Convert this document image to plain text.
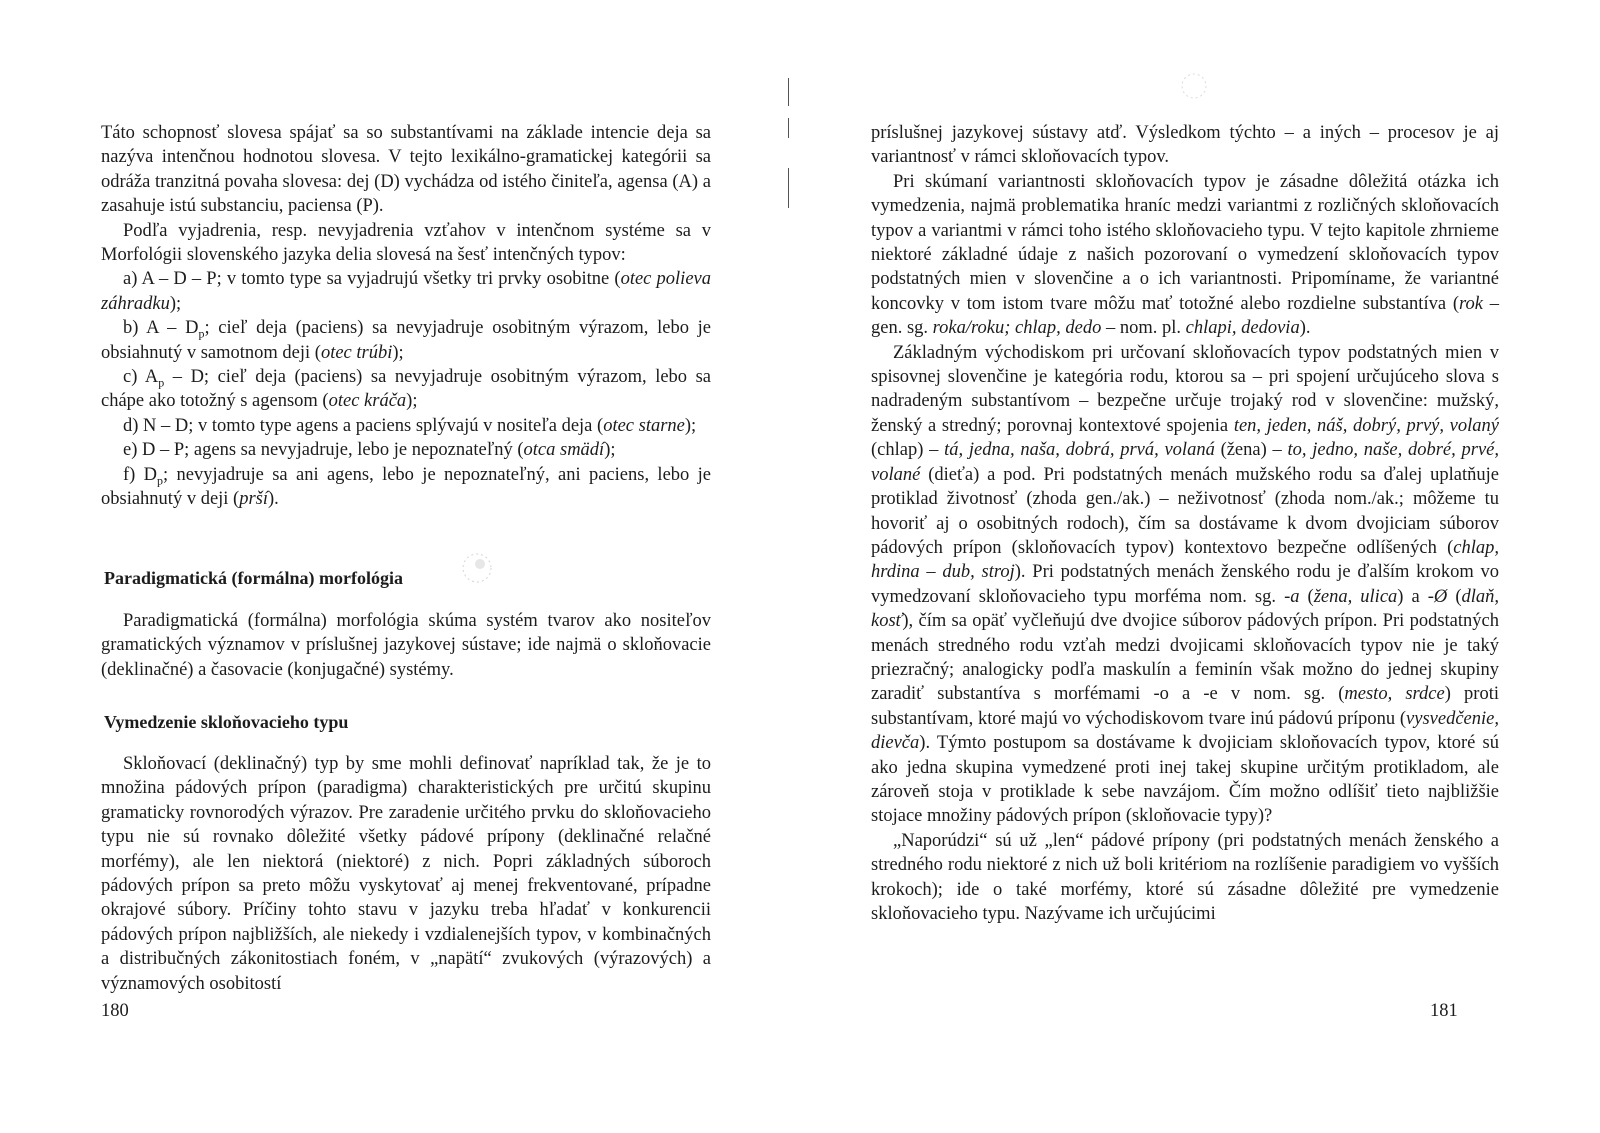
Táto schopnosť slovesa spájať sa so substantívami na základe intencie deja sa nazýva intenčnou hodnotou slovesa. V tejto lexikálno-gramatickej kategórii sa odráža tranzitná povaha slovesa: dej (D) vychádza od istého činiteľa, agensa (A) a zasahuje istú substanciu, paciensa (P).

Podľa vyjadrenia, resp. nevyjadrenia vzťahov v intenčnom systéme sa v Morfológii slovenského jazyka delia slovesá na šesť intenčných typov:

a) A – D – P; v tomto type sa vyjadrujú všetky tri prvky osobitne (otec polieva záhradku);

b) A – $D_p$; cieľ deja (paciens) sa nevyjadruje osobitným výrazom, lebo je obsiahnutý v samotnom deji (otec trúbi);

c) $A_p$ – D; cieľ deja (paciens) sa nevyjadruje osobitným výrazom, lebo sa chápe ako totožný s agensom (otec kráča);

d) N – D; v tomto type agens a paciens splývajú v nositeľa deja (otec starne);

e) D – P; agens sa nevyjadruje, lebo je nepoznateľný (otca smädí);

f) $D_p$; nevyjadruje sa ani agens, lebo je nepoznateľný, ani paciens, lebo je obsiahnutý v deji (prší).

Paradigmatická (formálna) morfológia

Paradigmatická (formálna) morfológia skúma systém tvarov ako nositeľov gramatických významov v príslušnej jazykovej sústave; ide najmä o skloňovacie (deklinačné) a časovacie (konjugačné) systémy.

Vymedzenie skloňovacieho typu

Skloňovací (deklinačný) typ by sme mohli definovať napríklad tak, že je to množina pádových prípon (paradigma) charakteristických pre určitú skupinu gramaticky rovnorodých výrazov. Pre zaradenie určitého prvku do skloňovacieho typu nie sú rovnako dôležité všetky pádové prípony (deklinačné relačné morfémy), ale len niektorá (niektoré) z nich. Popri základných súboroch pádových prípon sa preto môžu vyskytovať aj menej frekventované, prípadne okrajové súbory. Príčiny tohto stavu v jazyku treba hľadať v konkurencii pádových prípon najbližších, ale niekedy i vzdialenejších typov, v kombinačných a distribučných zákonitostiach foném, v „napätí“ zvukových (výrazových) a významových osobitostí

180

príslušnej jazykovej sústavy atď. Výsledkom týchto – a iných – procesov je aj variantnosť v rámci skloňovacích typov.

Pri skúmaní variantnosti skloňovacích typov je zásadne dôležitá otázka ich vymedzenia, najmä problematika hraníc medzi variantmi z rozličných skloňovacích typov a variantmi v rámci toho istého skloňovacieho typu. V tejto kapitole zhrnieme niektoré základné údaje z našich pozorovaní o vymedzení skloňovacích typov podstatných mien v slovenčine a o ich variantnosti. Pripomíname, že variantné koncovky v tom istom tvare môžu mať totožné alebo rozdielne substantíva (rok – gen. sg. roka/roku; chlap, dedo – nom. pl. chlapi, dedovia).

Základným východiskom pri určovaní skloňovacích typov podstatných mien v spisovnej slovenčine je kategória rodu, ktorou sa – pri spojení určujúceho slova s nadradeným substantívom – bezpečne určuje trojaký rod v slovenčine: mužský, ženský a stredný; porovnaj kontextové spojenia ten, jeden, náš, dobrý, prvý, volaný (chlap) – tá, jedna, naša, dobrá, prvá, volaná (žena) – to, jedno, naše, dobré, prvé, volané (dieťa) a pod. Pri podstatných menách mužského rodu sa ďalej uplatňuje protiklad životnosť (zhoda gen./ak.) – neživotnosť (zhoda nom./ak.; môžeme tu hovoriť aj o osobitných rodoch), čím sa dostávame k dvom dvojiciam súborov pádových prípon (skloňovacích typov) kontextovo bezpečne odlíšených (chlap, hrdina – dub, stroj). Pri podstatných menách ženského rodu je ďalším krokom vo vymedzovaní skloňovacieho typu morféma nom. sg. -a (žena, ulica) a -Ø (dlaň, kosť), čím sa opäť vyčleňujú dve dvojice súborov pádových prípon. Pri podstatných menách stredného rodu vzťah medzi dvojicami skloňovacích typov nie je taký priezračný; analogicky podľa maskulín a feminín však možno do jednej skupiny zaradiť substantíva s morfémami -o a -e v nom. sg. (mesto, srdce) proti substantívam, ktoré majú vo východiskovom tvare inú pádovú príponu (vysvedčenie, dievča). Týmto postupom sa dostávame k dvojiciam skloňovacích typov, ktoré sú ako jedna skupina vymedzené proti inej takej skupine určitým protikladom, ale zároveň stoja v protiklade k sebe navzájom. Čím možno odlíšiť tieto najbližšie stojace množiny pádových prípon (skloňovacie typy)?

„Naporúdzi“ sú už „len“ pádové prípony (pri podstatných menách ženského a stredného rodu niektoré z nich už boli kritériom na rozlíšenie paradigiem vo vyšších krokoch); ide o také morfémy, ktoré sú zásadne dôležité pre vymedzenie skloňovacieho typu. Nazývame ich určujúcimi

181
